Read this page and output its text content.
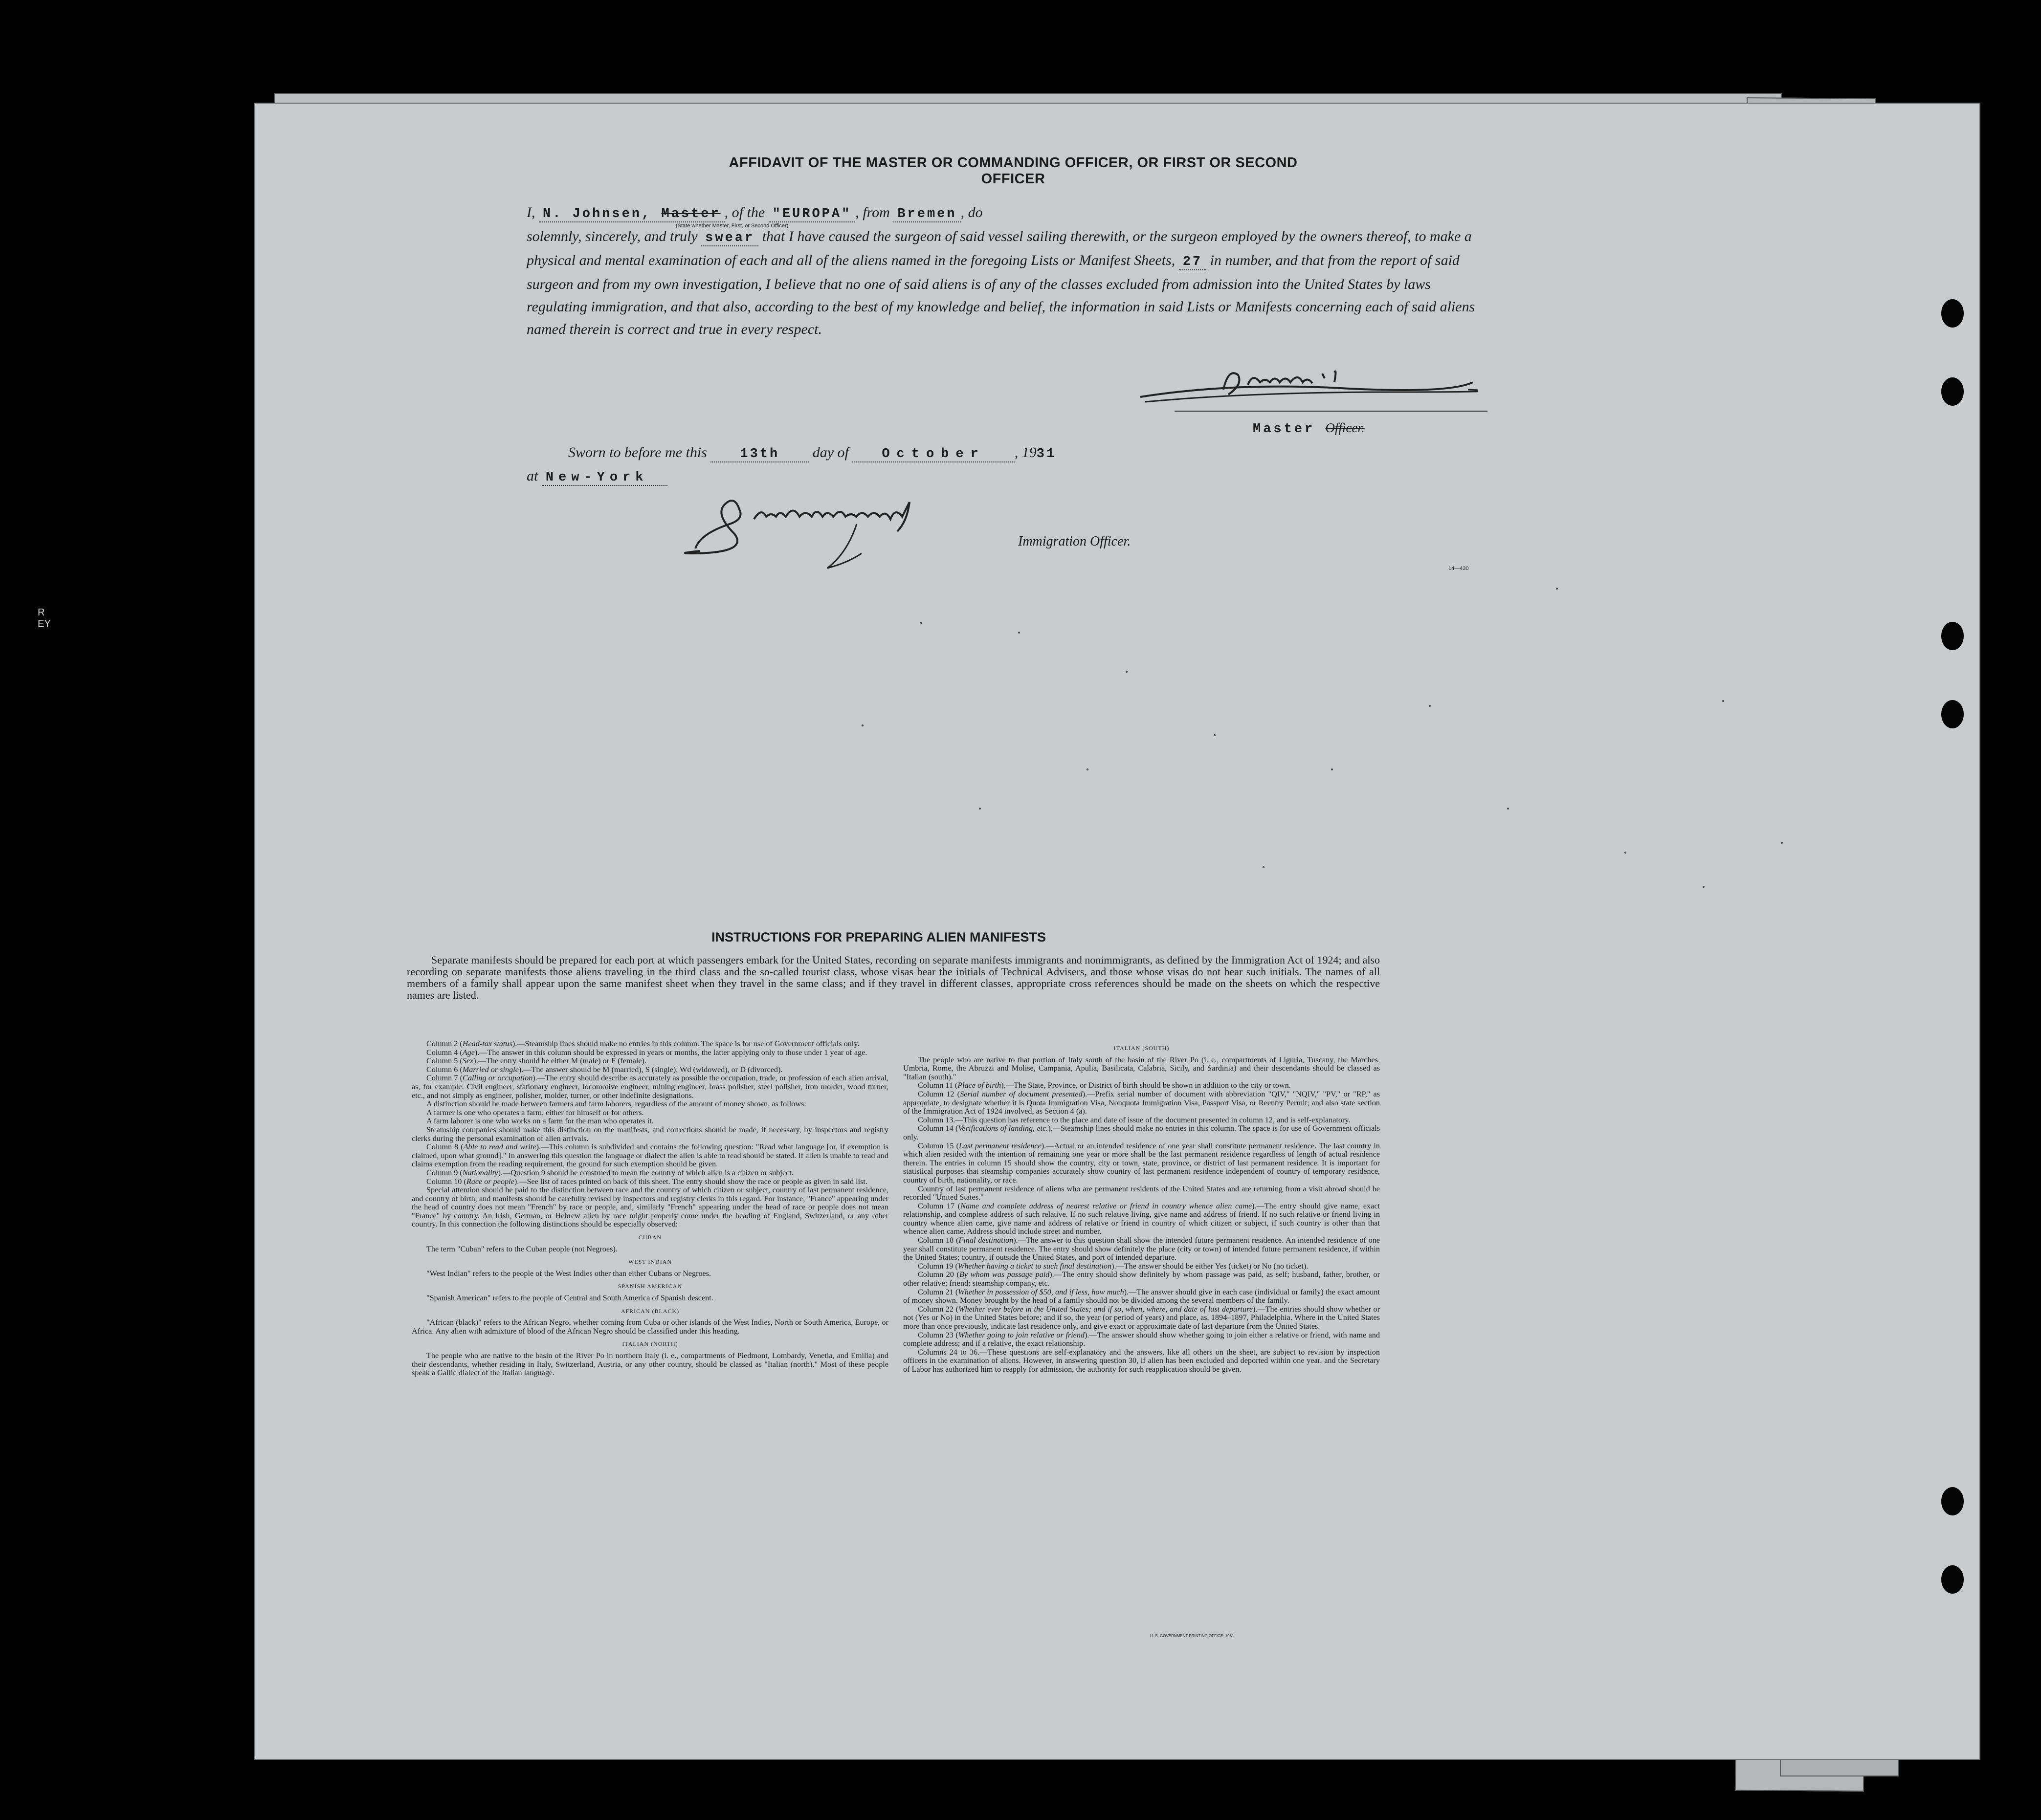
R
EY
AFFIDAVIT OF THE MASTER OR COMMANDING OFFICER, OR FIRST OR SECOND OFFICER
I, N. Johnsen, Master , of the "EUROPA" , from Bremen , do
solemnly, sincerely, and truly swear that I have caused the surgeon of said vessel sailing therewith, or the surgeon employed by the owners thereof, to make a physical and mental examination of each and all of the aliens named in the foregoing Lists or Manifest Sheets, 27 in number, and that from the report of said surgeon and from my own investigation, I believe that no one of said aliens is of any of the classes excluded from admission into the United States by laws regulating immigration, and that also, according to the best of my knowledge and belief, the information in said Lists or Manifests concerning each of said aliens named therein is correct and true in every respect.
(State whether Master, First, or Second Officer)
Master Officer.
Sworn to before me this	13th day of	October , 1931
at New-York
Immigration Officer.
14—430
INSTRUCTIONS FOR PREPARING ALIEN MANIFESTS
Separate manifests should be prepared for each port at which passengers embark for the United States, recording on separate manifests immigrants and nonimmigrants, as defined by the Immigration Act of 1924; and also recording on separate manifests those aliens traveling in the third class and the so-called tourist class, whose visas bear the initials of Technical Advisers, and those whose visas do not bear such initials. The names of all members of a family shall appear upon the same manifest sheet when they travel in the same class; and if they travel in different classes, appropriate cross references should be made on the sheets on which the respective names are listed.

Column 2 (Head-tax status).—Steamship lines should make no entries in this column. The space is for use of Government officials only.

Column 4 (Age).—The answer in this column should be expressed in years or months, the latter applying only to those under 1 year of age.

Column 5 (Sex).—The entry should be either M (male) or F (female).

Column 6 (Married or single).—The answer should be M (married), S (single), Wd (widowed), or D (divorced).

Column 7 (Calling or occupation).—The entry should describe as accurately as possible the occupation, trade, or profession of each alien arrival, as, for example: Civil engineer, stationary engineer, locomotive engineer, mining engineer, brass polisher, steel polisher, iron molder, wood turner, etc., and not simply as engineer, polisher, molder, turner, or other indefinite designations.

A distinction should be made between farmers and farm laborers, regardless of the amount of money shown, as follows:

A farmer is one who operates a farm, either for himself or for others.

A farm laborer is one who works on a farm for the man who operates it.

Steamship companies should make this distinction on the manifests, and corrections should be made, if necessary, by inspectors and registry clerks during the personal examination of alien arrivals.

Column 8 (Able to read and write).—This column is subdivided and contains the following question: "Read what language [or, if exemption is claimed, upon what ground]." In answering this question the language or dialect the alien is able to read should be stated. If alien is unable to read and claims exemption from the reading requirement, the ground for such exemption should be given.

Column 9 (Nationality).—Question 9 should be construed to mean the country of which alien is a citizen or subject.

Column 10 (Race or people).—See list of races printed on back of this sheet. The entry should show the race or people as given in said list.

Special attention should be paid to the distinction between race and the country of which citizen or subject, country of last permanent residence, and country of birth, and manifests should be carefully revised by inspectors and registry clerks in this regard. For instance, "France" appearing under the head of country does not mean "French" by race or people, and, similarly "French" appearing under the head of race or people does not mean "France" by country. An Irish, German, or Hebrew alien by race might properly come under the heading of England, Switzerland, or any other country. In this connection the following distinctions should be especially observed:

CUBAN

The term "Cuban" refers to the Cuban people (not Negroes).

WEST INDIAN

"West Indian" refers to the people of the West Indies other than either Cubans or Negroes.

SPANISH AMERICAN

"Spanish American" refers to the people of Central and South America of Spanish descent.

AFRICAN (BLACK)

"African (black)" refers to the African Negro, whether coming from Cuba or other islands of the West Indies, North or South America, Europe, or Africa. Any alien with admixture of blood of the African Negro should be classified under this heading.

ITALIAN (NORTH)

The people who are native to the basin of the River Po in northern Italy (i. e., compartments of Piedmont, Lombardy, Venetia, and Emilia) and their descendants, whether residing in Italy, Switzerland, Austria, or any other country, should be classed as "Italian (north)." Most of these people speak a Gallic dialect of the Italian language.

ITALIAN (SOUTH)

The people who are native to that portion of Italy south of the basin of the River Po (i. e., compartments of Liguria, Tuscany, the Marches, Umbria, Rome, the Abruzzi and Molise, Campania, Apulia, Basilicata, Calabria, Sicily, and Sardinia) and their descendants should be classed as "Italian (south)."

Column 11 (Place of birth).—The State, Province, or District of birth should be shown in addition to the city or town.

Column 12 (Serial number of document presented).—Prefix serial number of document with abbreviation "QIV," "NQIV," "PV," or "RP," as appropriate, to designate whether it is Quota Immigration Visa, Nonquota Immigration Visa, Passport Visa, or Reentry Permit; and also state section of the Immigration Act of 1924 involved, as Section 4 (a).

Column 13.—This question has reference to the place and date of issue of the document presented in column 12, and is self-explanatory.

Column 14 (Verifications of landing, etc.).—Steamship lines should make no entries in this column. The space is for use of Government officials only.

Column 15 (Last permanent residence).—Actual or an intended residence of one year shall constitute permanent residence. The last country in which alien resided with the intention of remaining one year or more shall be the last permanent residence regardless of length of actual residence therein. The entries in column 15 should show the country, city or town, state, province, or district of last permanent residence. It is important for statistical purposes that steamship companies accurately show country of last permanent residence independent of country of temporary residence, country of birth, nationality, or race.

Country of last permanent residence of aliens who are permanent residents of the United States and are returning from a visit abroad should be recorded "United States."

Column 17 (Name and complete address of nearest relative or friend in country whence alien came).—The entry should give name, exact relationship, and complete address of such relative. If no such relative living, give name and address of friend. If no such relative or friend living in country whence alien came, give name and address of relative or friend in country of which citizen or subject, if such country is other than that whence alien came. Address should include street and number.

Column 18 (Final destination).—The answer to this question shall show the intended future permanent residence. An intended residence of one year shall constitute permanent residence. The entry should show definitely the place (city or town) of intended future permanent residence, if within the United States; country, if outside the United States, and port of intended departure.

Column 19 (Whether having a ticket to such final destination).—The answer should be either Yes (ticket) or No (no ticket).

Column 20 (By whom was passage paid).—The entry should show definitely by whom passage was paid, as self; husband, father, brother, or other relative; friend; steamship company, etc.

Column 21 (Whether in possession of $50, and if less, how much).—The answer should give in each case (individual or family) the exact amount of money shown. Money brought by the head of a family should not be divided among the several members of the family.

Column 22 (Whether ever before in the United States; and if so, when, where, and date of last departure).—The entries should show whether or not (Yes or No) in the United States before; and if so, the year (or period of years) and place, as, 1894–1897, Philadelphia. Where in the United States more than once previously, indicate last residence only, and give exact or approximate date of last departure from the United States.

Column 23 (Whether going to join relative or friend).—The answer should show whether going to join either a relative or friend, with name and complete address; and if a relative, the exact relationship.

Columns 24 to 36.—These questions are self-explanatory and the answers, like all others on the sheet, are subject to revision by inspection officers in the examination of aliens. However, in answering question 30, if alien has been excluded and deported within one year, and the Secretary of Labor has authorized him to reapply for admission, the authority for such reapplication should be given.

U. S. GOVERNMENT PRINTING OFFICE: 1931
